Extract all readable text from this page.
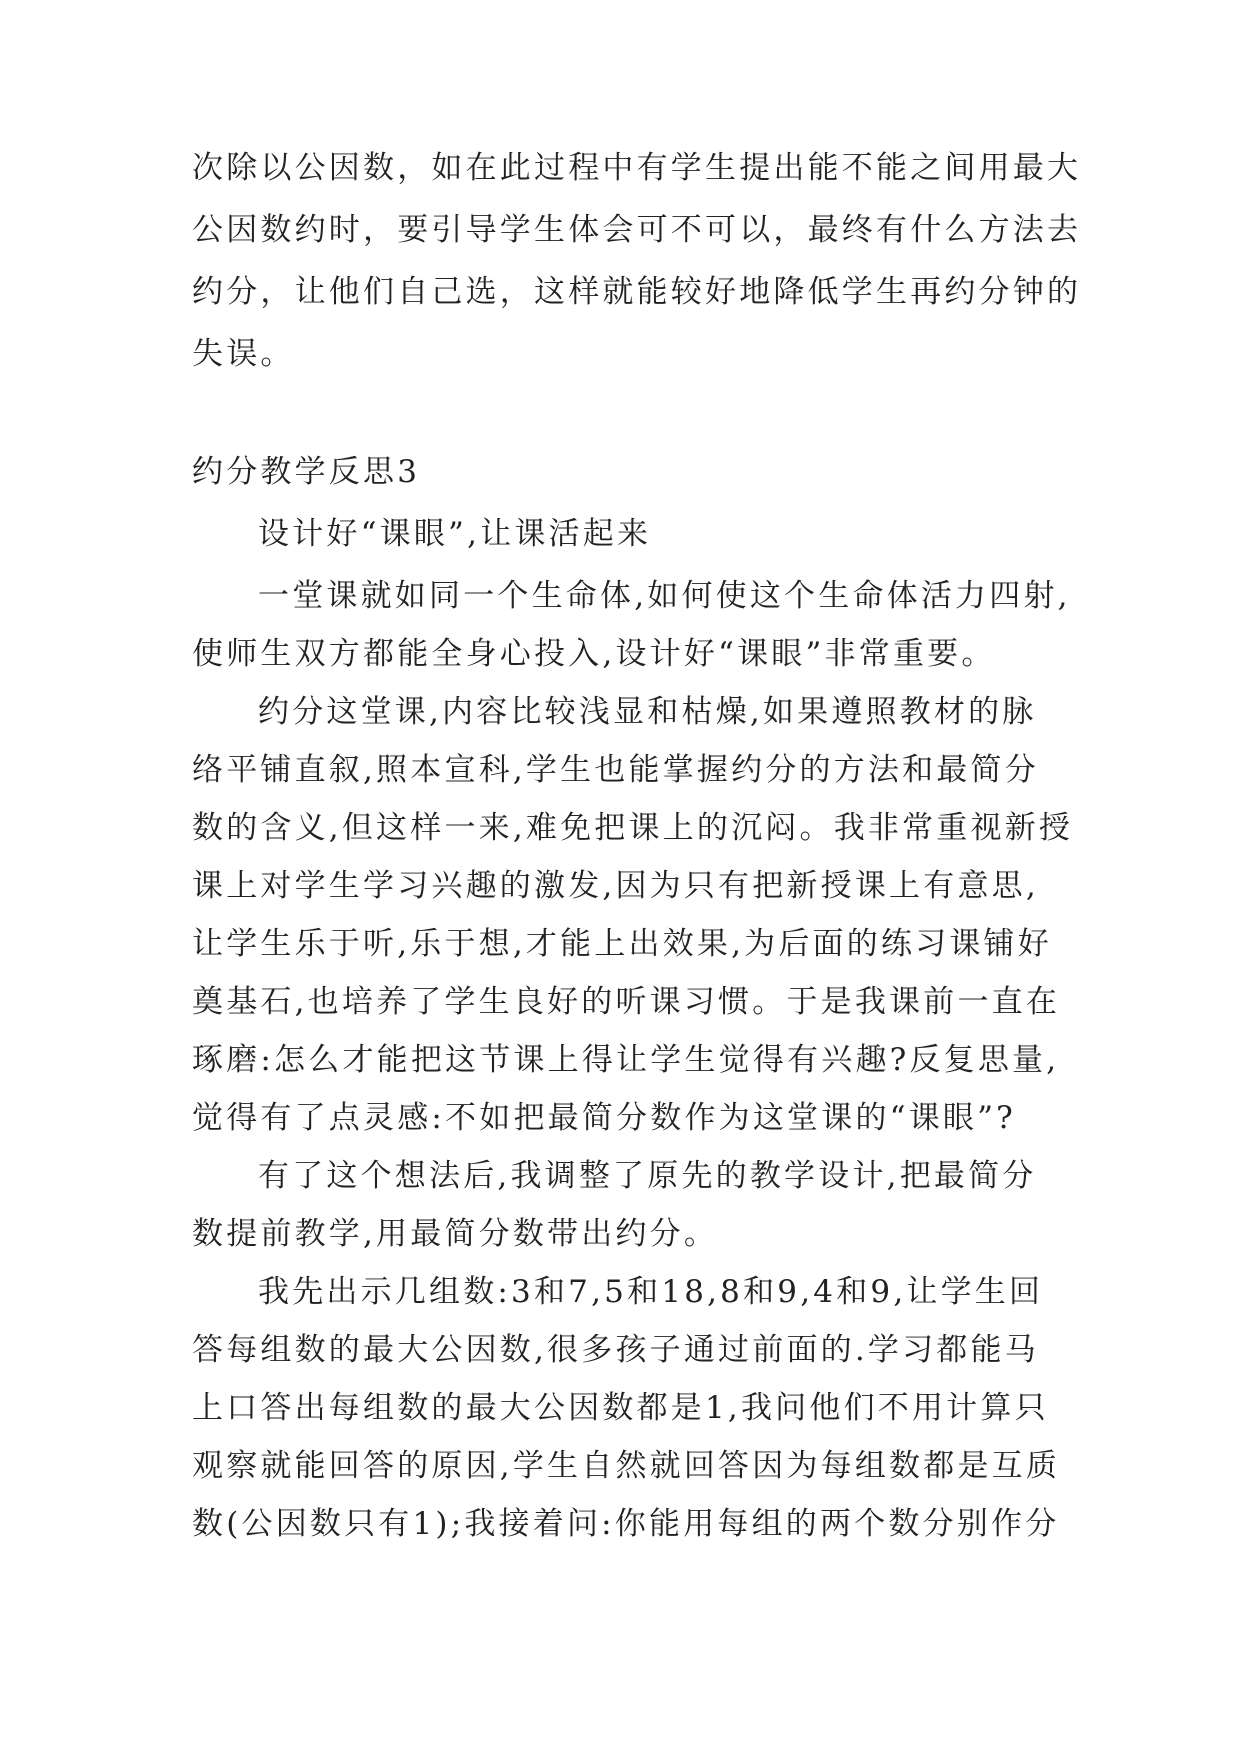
次除以公因数，如在此过程中有学生提出能不能之间用最大
公因数约时，要引导学生体会可不可以，最终有什么方法去
约分，让他们自己选，这样就能较好地降低学生再约分钟的
失误。
约分教学反思3
设计好“课眼”,让课活起来
一堂课就如同一个生命体,如何使这个生命体活力四射,
使师生双方都能全身心投入,设计好“课眼”非常重要。
约分这堂课,内容比较浅显和枯燥,如果遵照教材的脉
络平铺直叙,照本宣科,学生也能掌握约分的方法和最简分
数的含义,但这样一来,难免把课上的沉闷。我非常重视新授
课上对学生学习兴趣的激发,因为只有把新授课上有意思,
让学生乐于听,乐于想,才能上出效果,为后面的练习课铺好
奠基石,也培养了学生良好的听课习惯。于是我课前一直在
琢磨:怎么才能把这节课上得让学生觉得有兴趣?反复思量,
觉得有了点灵感:不如把最简分数作为这堂课的“课眼”?
有了这个想法后,我调整了原先的教学设计,把最简分
数提前教学,用最简分数带出约分。
我先出示几组数:3和7,5和18,8和9,4和9,让学生回
答每组数的最大公因数,很多孩子通过前面的.学习都能马
上口答出每组数的最大公因数都是1,我问他们不用计算只
观察就能回答的原因,学生自然就回答因为每组数都是互质
数(公因数只有1);我接着问:你能用每组的两个数分别作分
